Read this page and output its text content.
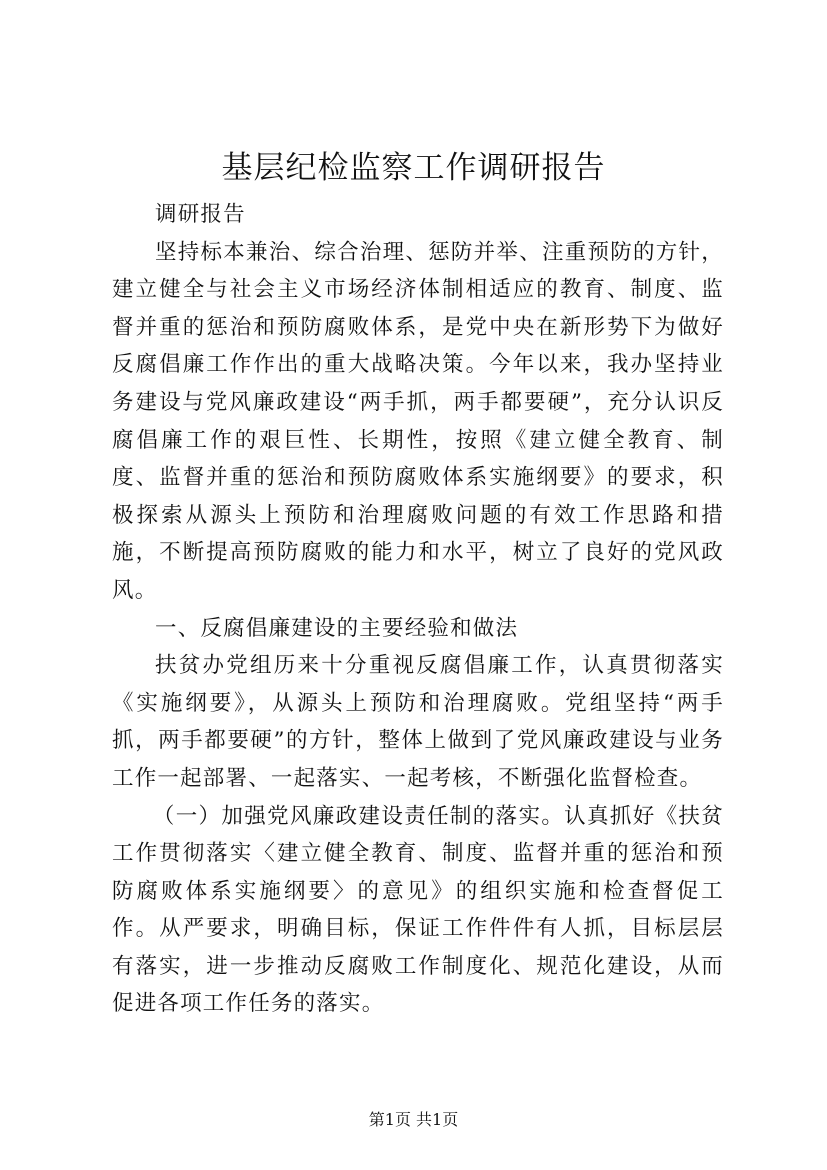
基层纪检监察工作调研报告

调研报告

坚持标本兼治、综合治理、惩防并举、注重预防的方针，建立健全与社会主义市场经济体制相适应的教育、制度、监督并重的惩治和预防腐败体系，是党中央在新形势下为做好反腐倡廉工作作出的重大战略决策。今年以来，我办坚持业务建设与党风廉政建设“两手抓，两手都要硬”，充分认识反腐倡廉工作的艰巨性、长期性，按照《建立健全教育、制度、监督并重的惩治和预防腐败体系实施纲要》的要求，积极探索从源头上预防和治理腐败问题的有效工作思路和措施，不断提高预防腐败的能力和水平，树立了良好的党风政风。

一、反腐倡廉建设的主要经验和做法

扶贫办党组历来十分重视反腐倡廉工作，认真贯彻落实《实施纲要》，从源头上预防和治理腐败。党组坚持“两手抓，两手都要硬”的方针，整体上做到了党风廉政建设与业务工作一起部署、一起落实、一起考核，不断强化监督检查。

（一）加强党风廉政建设责任制的落实。认真抓好《扶贫工作贯彻落实〈建立健全教育、制度、监督并重的惩治和预防腐败体系实施纲要〉的意见》的组织实施和检查督促工作。从严要求，明确目标，保证工作件件有人抓，目标层层有落实，进一步推动反腐败工作制度化、规范化建设，从而促进各项工作任务的落实。

第1页 共1页
